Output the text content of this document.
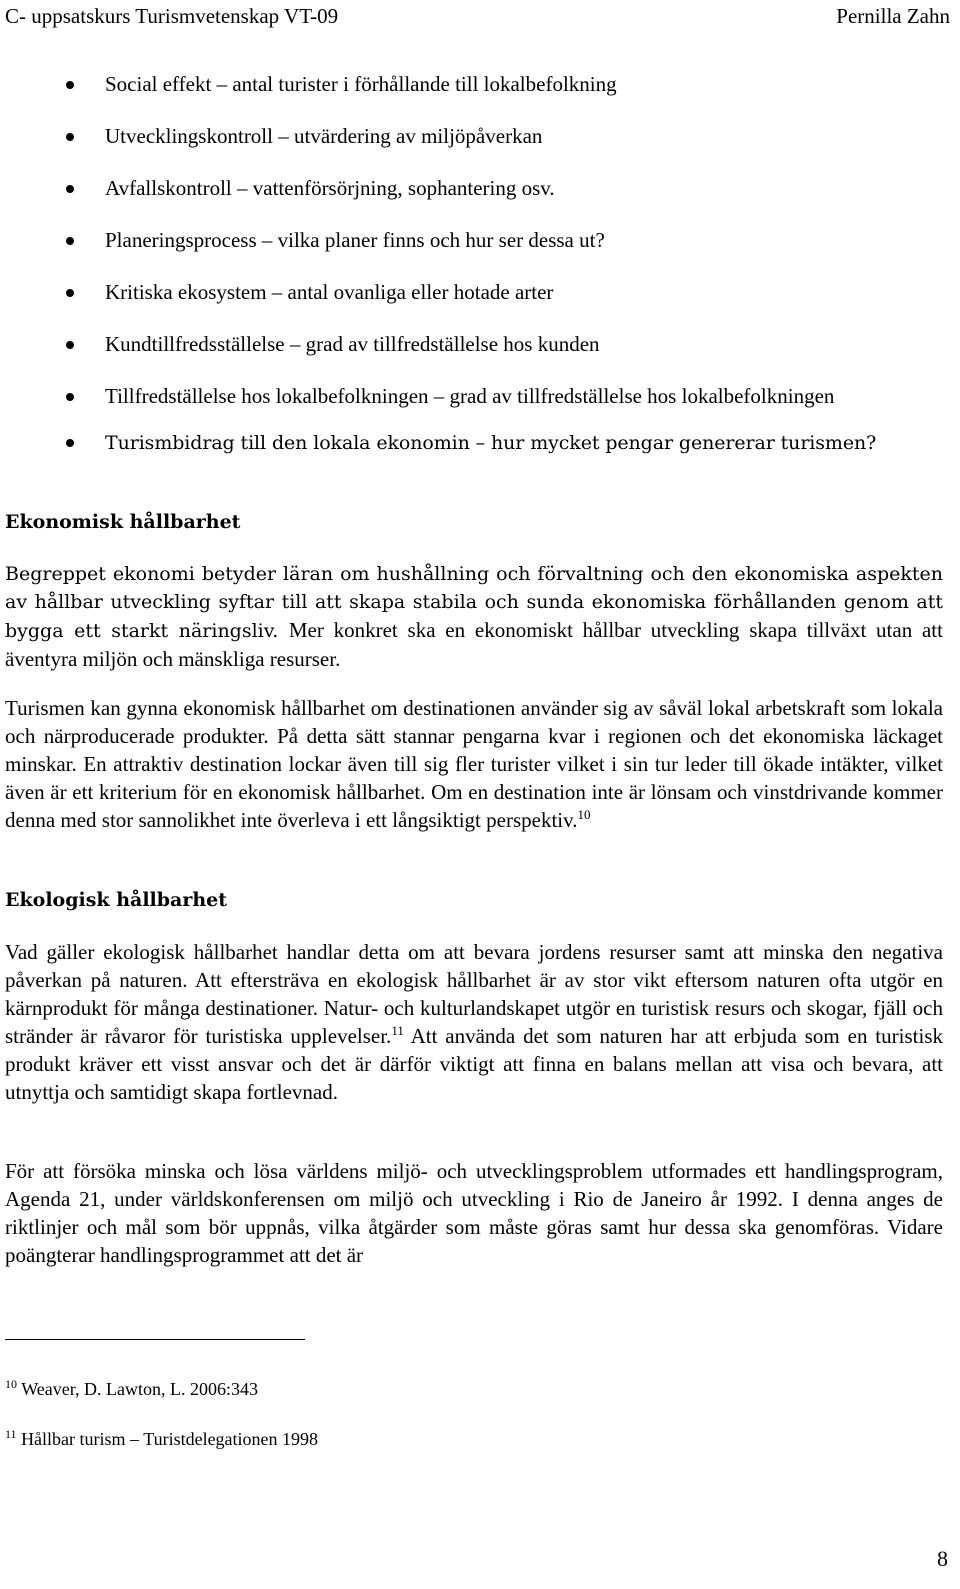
C- uppsatskurs Turismvetenskap VT-09	Pernilla Zahn
Social effekt – antal turister i förhållande till lokalbefolkning
Utvecklingskontroll – utvärdering av miljöpåverkan
Avfallskontroll – vattenförsörjning, sophantering osv.
Planeringsprocess – vilka planer finns och hur ser dessa ut?
Kritiska ekosystem – antal ovanliga eller hotade arter
Kundtillfredsställelse – grad av tillfredställelse hos kunden
Tillfredställelse hos lokalbefolkningen – grad av tillfredställelse hos lokalbefolkningen
Turismbidrag till den lokala ekonomin – hur mycket pengar genererar turismen?
Ekonomisk hållbarhet
Begreppet ekonomi betyder läran om hushållning och förvaltning och den ekonomiska aspekten av hållbar utveckling syftar till att skapa stabila och sunda ekonomiska förhållanden genom att bygga ett starkt näringsliv. Mer konkret ska en ekonomiskt hållbar utveckling skapa tillväxt utan att äventyra miljön och mänskliga resurser.
Turismen kan gynna ekonomisk hållbarhet om destinationen använder sig av såväl lokal arbetskraft som lokala och närproducerade produkter. På detta sätt stannar pengarna kvar i regionen och det ekonomiska läckaget minskar. En attraktiv destination lockar även till sig fler turister vilket i sin tur leder till ökade intäkter, vilket även är ett kriterium för en ekonomisk hållbarhet. Om en destination inte är lönsam och vinstdrivande kommer denna med stor sannolikhet inte överleva i ett långsiktigt perspektiv.$^{10}$
Ekologisk hållbarhet
Vad gäller ekologisk hållbarhet handlar detta om att bevara jordens resurser samt att minska den negativa påverkan på naturen. Att eftersträva en ekologisk hållbarhet är av stor vikt eftersom naturen ofta utgör en kärnprodukt för många destinationer. Natur- och kulturlandskapet utgör en turistisk resurs och skogar, fjäll och stränder är råvaror för turistiska upplevelser.$^{11}$ Att använda det som naturen har att erbjuda som en turistisk produkt kräver ett visst ansvar och det är därför viktigt att finna en balans mellan att visa och bevara, att utnyttja och samtidigt skapa fortlevnad.
För att försöka minska och lösa världens miljö- och utvecklingsproblem utformades ett handlingsprogram, Agenda 21, under världskonferensen om miljö och utveckling i Rio de Janeiro år 1992. I denna anges de riktlinjer och mål som bör uppnås, vilka åtgärder som måste göras samt hur dessa ska genomföras. Vidare poängterar handlingsprogrammet att det är
$^{10}$ Weaver, D. Lawton, L. 2006:343
$^{11}$ Hållbar turism – Turistdelegationen 1998
8
